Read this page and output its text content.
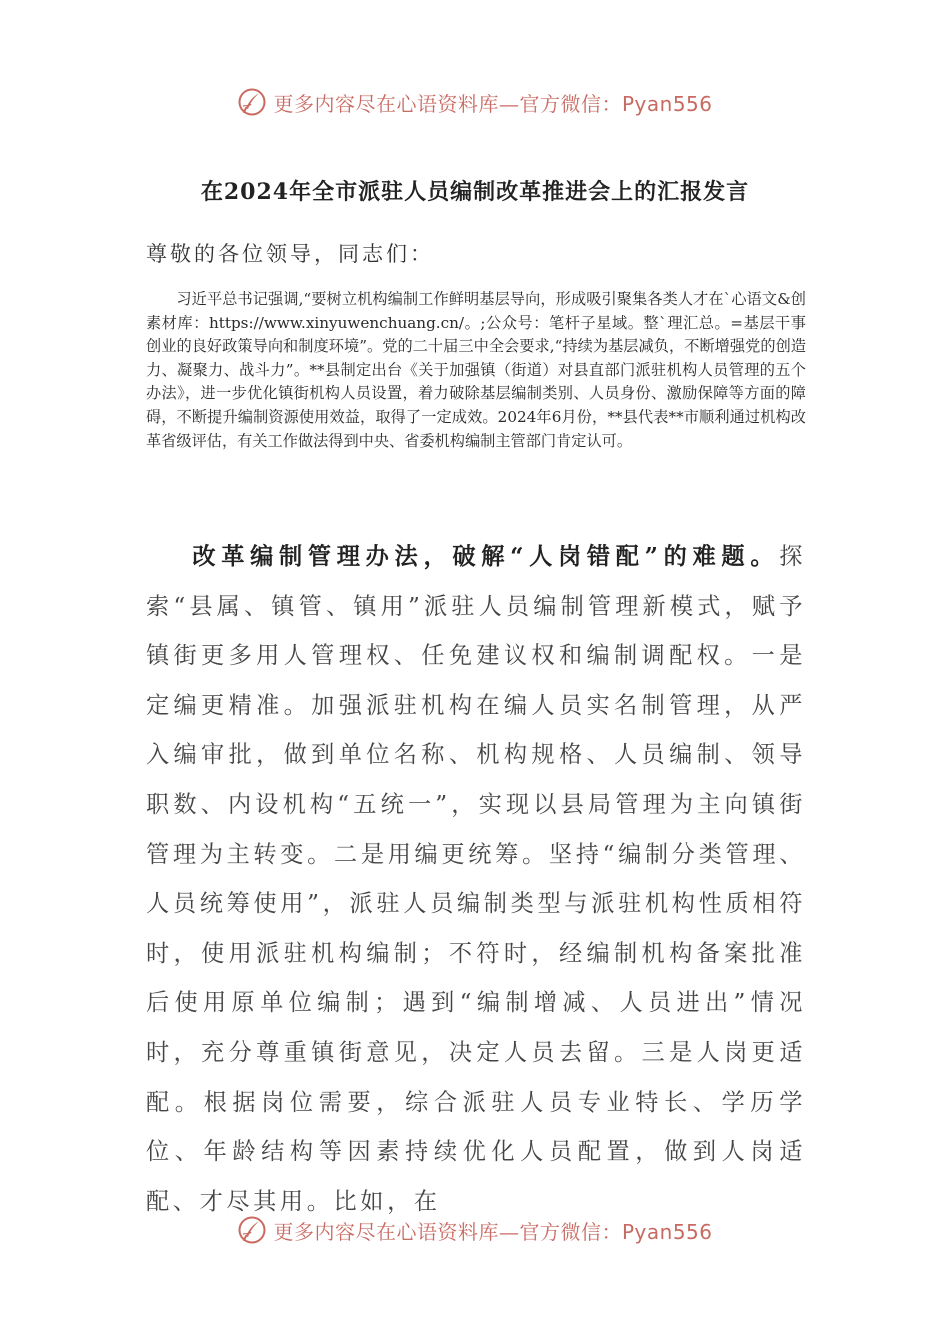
更多内容尽在心语资料库—官方微信：Pyan556
在2024年全市派驻人员编制改革推进会上的汇报发言

尊敬的各位领导，同志们：

习近平总书记强调,“要树立机构编制工作鲜明基层导向，形成吸引聚集各类人才在`心语文&创素材库：https://www.xinyuwenchuang.cn/。;公众号：笔杆子星域。整`理汇总。=基层干事创业的良好政策导向和制度环境”。党的二十届三中全会要求,“持续为基层减负，不断增强党的创造力、凝聚力、战斗力”。**县制定出台《关于加强镇（街道）对县直部门派驻机构人员管理的五个办法》，进一步优化镇街机构人员设置，着力破除基层编制类别、人员身份、激励保障等方面的障碍，不断提升编制资源使用效益，取得了一定成效。2024年6月份，**县代表**市顺利通过机构改革省级评估，有关工作做法得到中央、省委机构编制主管部门肯定认可。

改革编制管理办法，破解“人岗错配”的难题。探索“县属、镇管、镇用”派驻人员编制管理新模式，赋予镇街更多用人管理权、任免建议权和编制调配权。一是定编更精准。加强派驻机构在编人员实名制管理，从严入编审批，做到单位名称、机构规格、人员编制、领导职数、内设机构“五统一”，实现以县局管理为主向镇街管理为主转变。二是用编更统筹。坚持“编制分类管理、人员统筹使用”，派驻人员编制类型与派驻机构性质相符时，使用派驻机构编制；不符时，经编制机构备案批准后使用原单位编制；遇到“编制增减、人员进出”情况时，充分尊重镇街意见，决定人员去留。三是人岗更适配。根据岗位需要，综合派驻人员专业特长、学历学位、年龄结构等因素持续优化人员配置，做到人岗适配、才尽其用。比如，在

更多内容尽在心语资料库—官方微信：Pyan556
